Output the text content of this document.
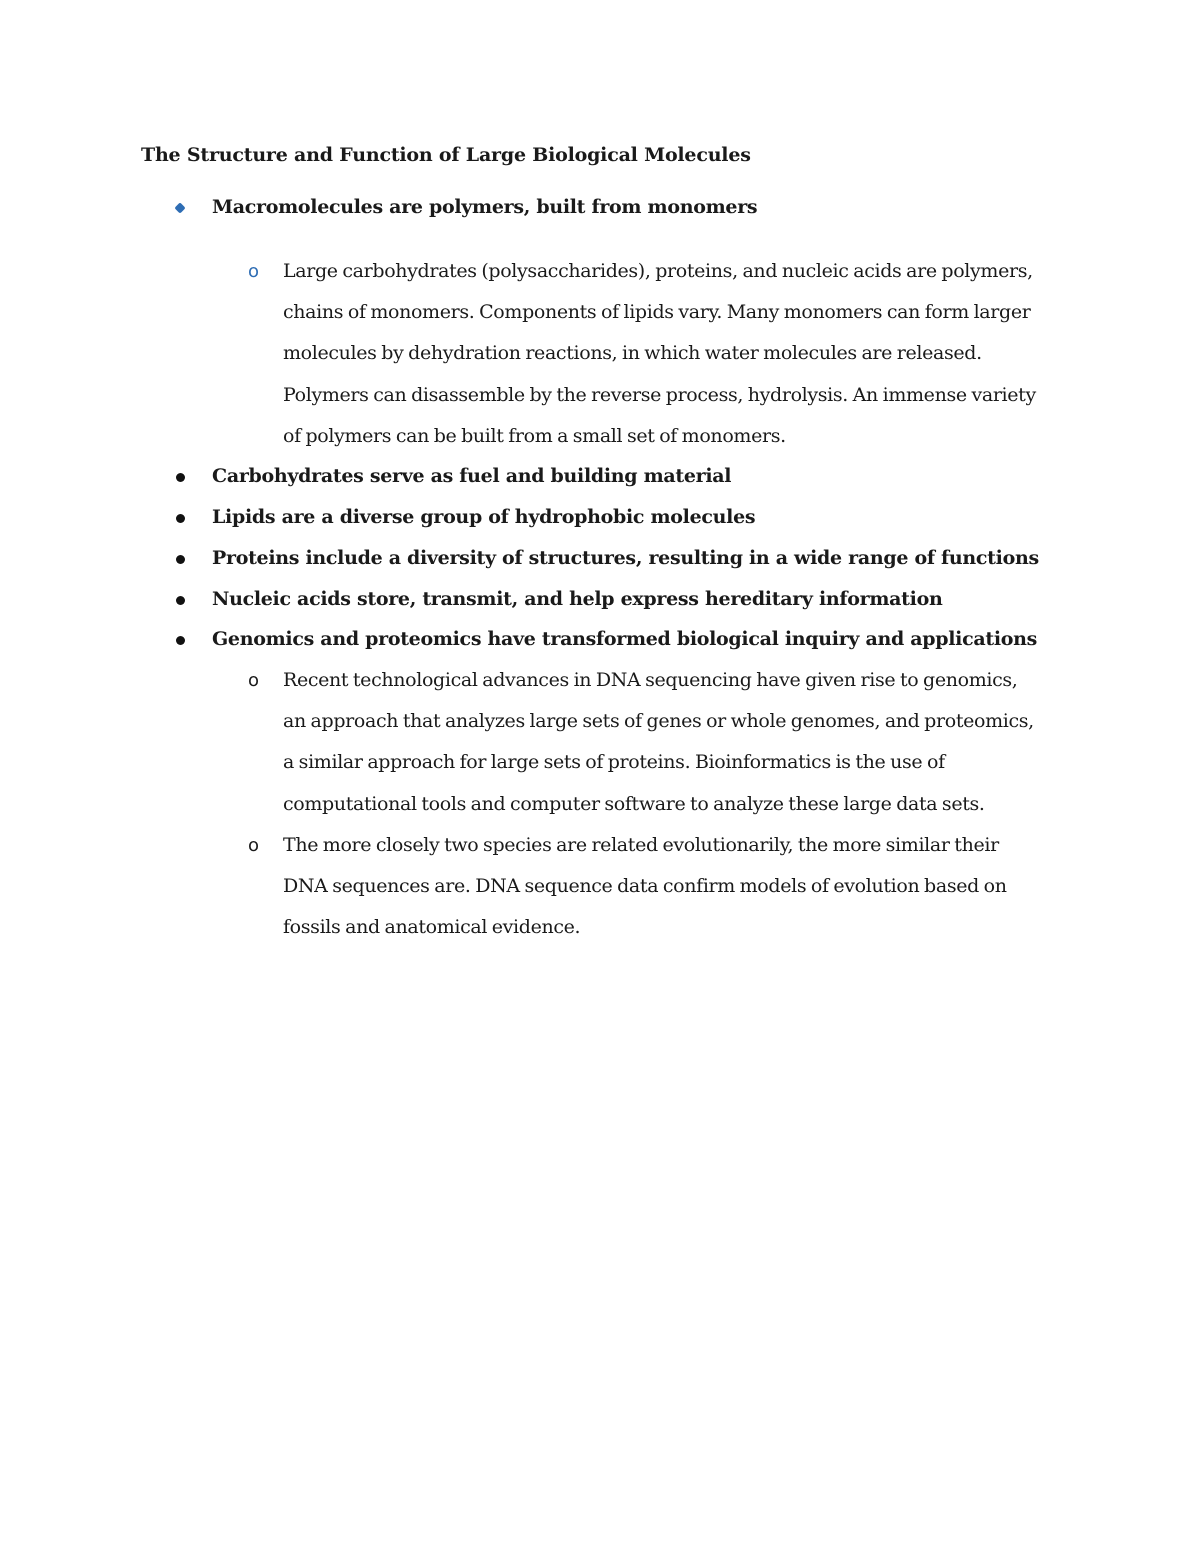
The Structure and Function of Large Biological Molecules
Macromolecules are polymers, built from monomers
o Large carbohydrates (polysaccharides), proteins, and nucleic acids are polymers,
chains of monomers. Components of lipids vary. Many monomers can form larger
molecules by dehydration reactions, in which water molecules are released.
Polymers can disassemble by the reverse process, hydrolysis. An immense variety
of polymers can be built from a small set of monomers.
Carbohydrates serve as fuel and building material
Lipids are a diverse group of hydrophobic molecules
Proteins include a diversity of structures, resulting in a wide range of functions
Nucleic acids store, transmit, and help express hereditary information
Genomics and proteomics have transformed biological inquiry and applications
o Recent technological advances in DNA sequencing have given rise to genomics,
an approach that analyzes large sets of genes or whole genomes, and proteomics,
a similar approach for large sets of proteins. Bioinformatics is the use of
computational tools and computer software to analyze these large data sets.
o The more closely two species are related evolutionarily, the more similar their
DNA sequences are. DNA sequence data confirm models of evolution based on
fossils and anatomical evidence.
